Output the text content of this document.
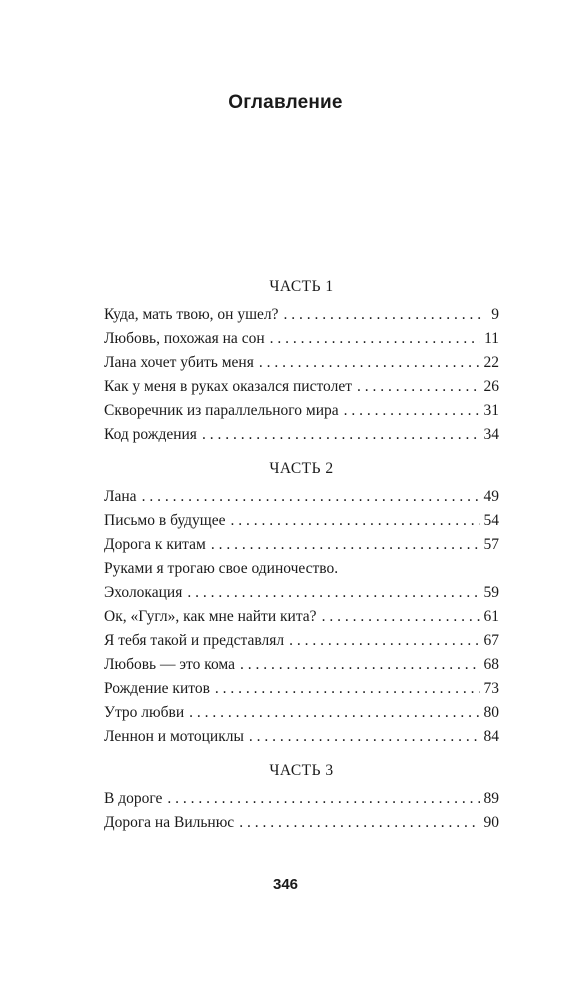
Оглавление
ЧАСТЬ 1
Куда, мать твою, он ушел? . . .	9
Любовь, похожая на сон . . .	11
Лана хочет убить меня . . .	22
Как у меня в руках оказался пистолет . . .	26
Скворечник из параллельного мира . . .	31
Код рождения . . .	34
ЧАСТЬ 2
Лана . . .	49
Письмо в будущее . . .	54
Дорога к китам . . .	57
Руками я трогаю свое одиночество.
Эхолокация . . .	59
Ок, «Гугл», как мне найти кита? . . .	61
Я тебя такой и представлял . . .	67
Любовь — это кома . . .	68
Рождение китов . . .	73
Утро любви . . .	80
Леннон и мотоциклы . . .	84
ЧАСТЬ 3
В дороге . . .	89
Дорога на Вильнюс . . .	90
346
